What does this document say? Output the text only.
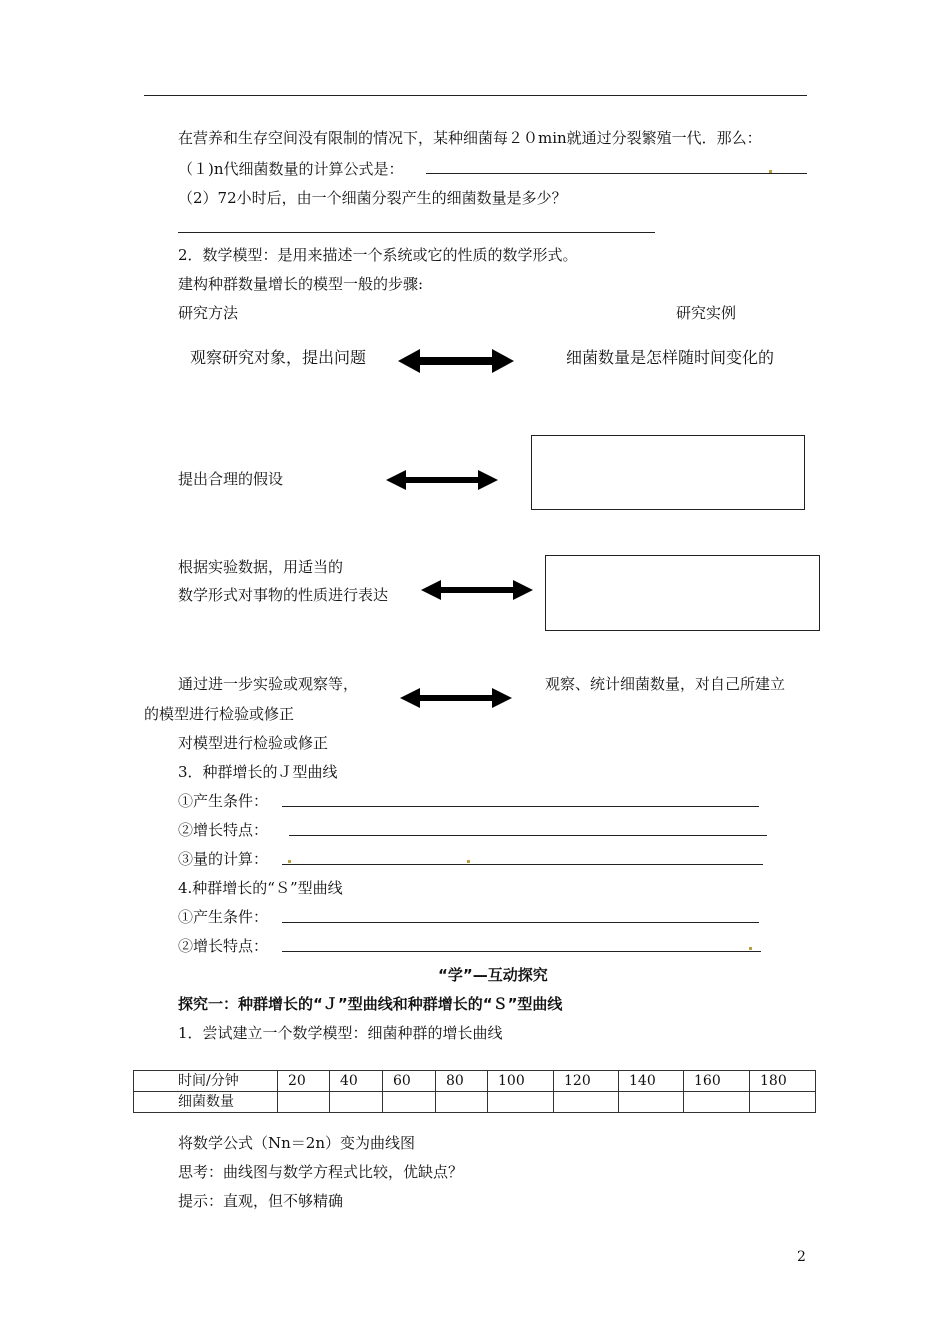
在营养和生存空间没有限制的情况下，某种细菌每２０min就通过分裂繁殖一代．那么：
（１)n代细菌数量的计算公式是：
（2）72小时后，由一个细菌分裂产生的细菌数量是多少？
2．数学模型：是用来描述一个系统或它的性质的数学形式。
建构种群数量增长的模型一般的步骤:
研究方法	研究实例
观察研究对象，提出问题	细菌数量是怎样随时间变化的
提出合理的假设
根据实验数据，用适当的
数学形式对事物的性质进行表达
通过进一步实验或观察等，	观察、统计细菌数量，对自己所建立
的模型进行检验或修正
对模型进行检验或修正
3．种群增长的Ｊ型曲线
①产生条件：
②增长特点：
③量的计算：
4.种群增长的“Ｓ”型曲线
①产生条件：
②增长特点：
“学”—互动探究
探究一：种群增长的“Ｊ”型曲线和种群增长的“Ｓ”型曲线
1．尝试建立一个数学模型：细菌种群的增长曲线
时间/分钟	20	40	60	80	100	120	140	160	180
细菌数量									
将数学公式（Nn＝2n）变为曲线图
思考：曲线图与数学方程式比较，优缺点？
提示：直观，但不够精确
2
